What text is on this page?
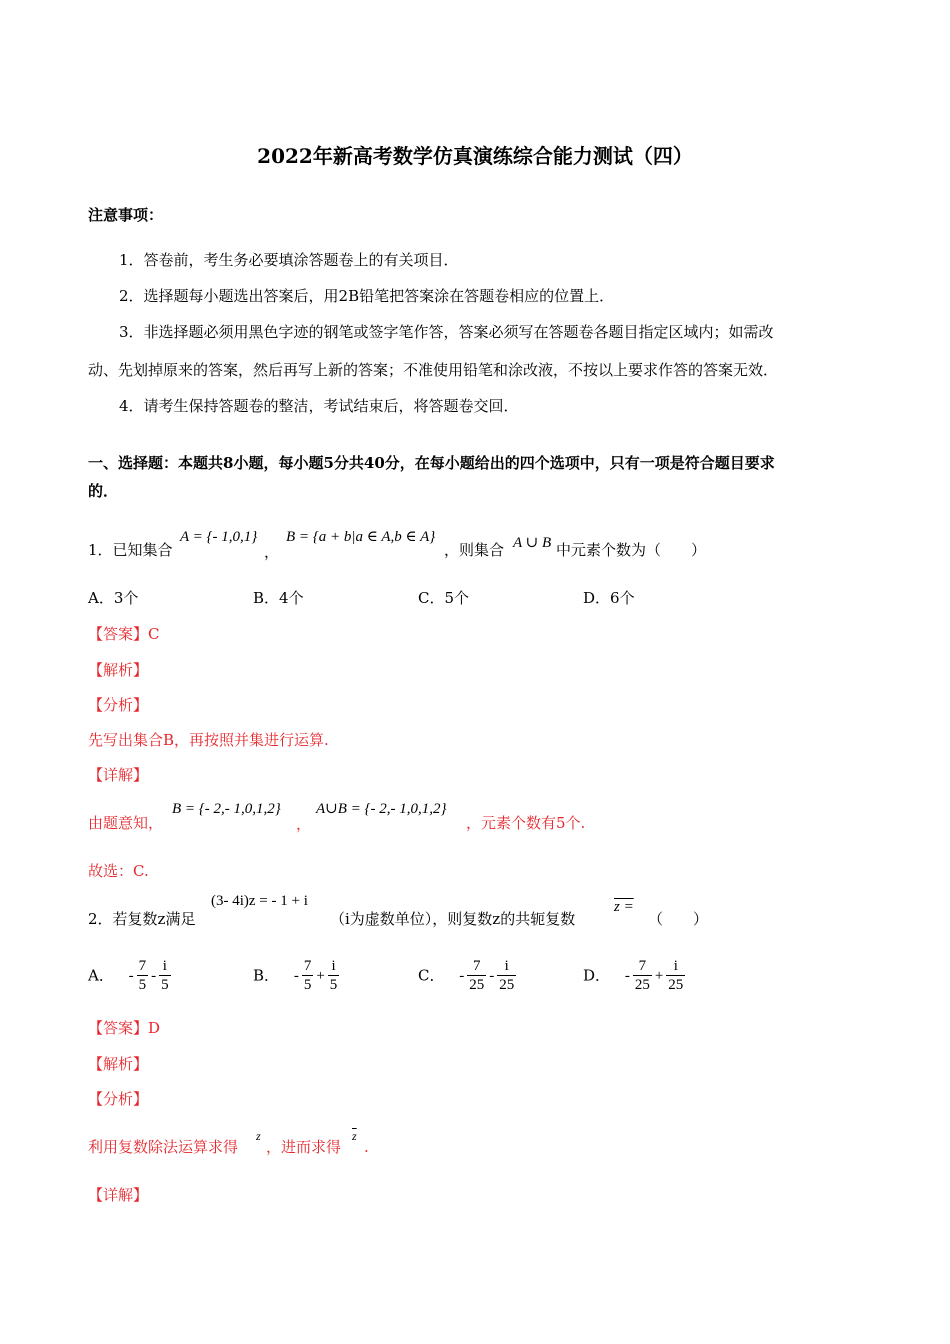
2022年新高考数学仿真演练综合能力测试（四）
注意事项：
1．答卷前，考生务必要填涂答题卷上的有关项目．
2．选择题每小题选出答案后，用2B铅笔把答案涂在答题卷相应的位置上．
3．非选择题必须用黑色字迹的钢笔或签字笔作答，答案必须写在答题卷各题目指定区域内；如需改
动、先划掉原来的答案，然后再写上新的答案；不准使用铅笔和涂改液，不按以上要求作答的答案无效．
4．请考生保持答题卷的整洁，考试结束后，将答题卷交回．
一、选择题：本题共8小题，每小题5分共40分，在每小题给出的四个选项中，只有一项是符合题目要求
的．
1．已知集合
A = {- 1,0,1}
，
B = {a + b|a ∈ A,b ∈ A}
，则集合 A ∪ B 中元素个数为（　　）
A．3个	B．4个	C．5个	D．6个
【答案】C
【解析】
【分析】
先写出集合B，再按照并集进行运算.
【详解】
由题意知，
B = {- 2,- 1,0,1,2}
，
A∪B = {- 2,- 1,0,1,2}
，元素个数有5个.
故选：C.
2．若复数z满足
(3- 4i)z = - 1 + i
（i为虚数单位），则复数z的共轭复数
z =
（　　）
A． - $\frac{7}{5} - \frac{i}{5}$	B． - $\frac{7}{5} + \frac{i}{5}$	C． - $\frac{7}{25} - \frac{i}{25}$	D． - $\frac{7}{25} + \frac{i}{25}$
【答案】D
【解析】
【分析】
利用复数除法运算求得
z
，进而求得
$\overline{z}$
.
【详解】
